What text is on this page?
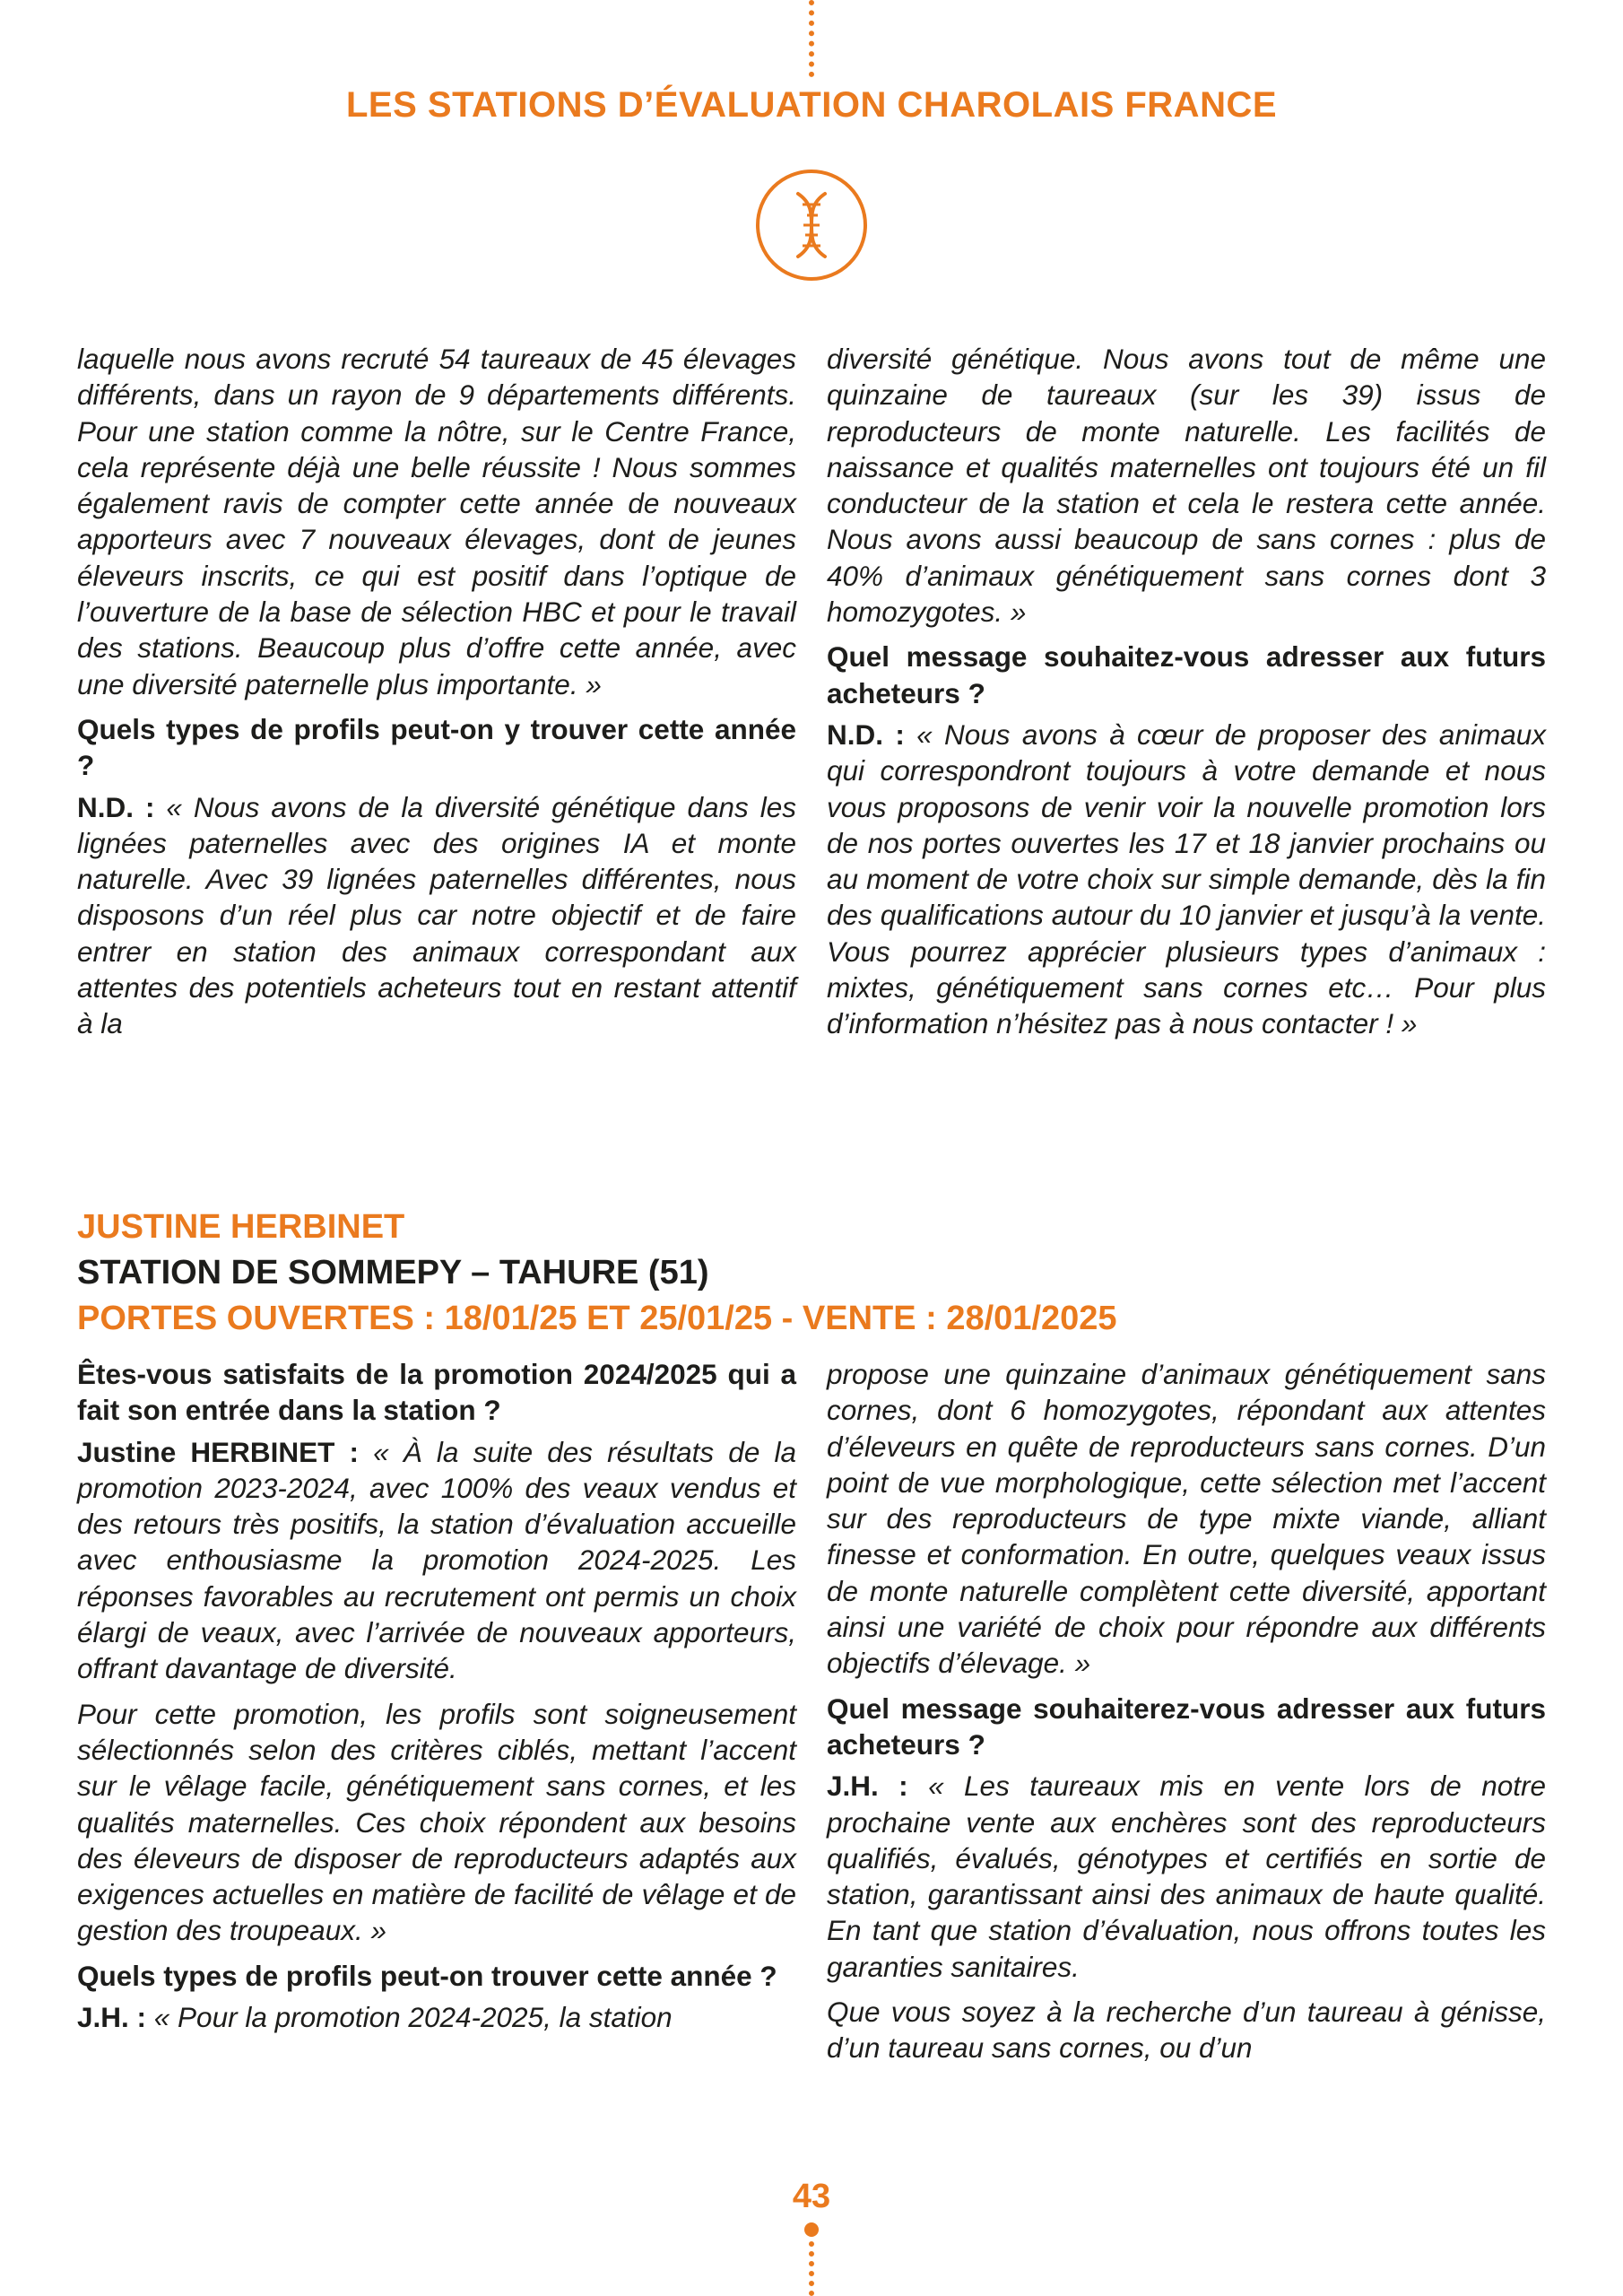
LES STATIONS D’ÉVALUATION CHAROLAIS FRANCE

laquelle nous avons recruté 54 taureaux de 45 élevages différents, dans un rayon de 9 départements différents. Pour une station comme la nôtre, sur le Centre France, cela représente déjà une belle réussite ! Nous sommes également ravis de compter cette année de nouveaux apporteurs avec 7 nouveaux élevages, dont de jeunes éleveurs inscrits, ce qui est positif dans l’optique de l’ouverture de la base de sélection HBC et pour le travail des stations. Beaucoup plus d’offre cette année, avec une diversité paternelle plus importante. »

Quels types de profils peut-on y trouver cette année ?

N.D. : « Nous avons de la diversité génétique dans les lignées paternelles avec des origines IA et monte naturelle. Avec 39 lignées paternelles différentes, nous disposons d’un réel plus car notre objectif et de faire entrer en station des animaux correspondant aux attentes des potentiels acheteurs tout en restant attentif à la

diversité génétique. Nous avons tout de même une quinzaine de taureaux (sur les 39) issus de reproducteurs de monte naturelle. Les facilités de naissance et qualités maternelles ont toujours été un fil conducteur de la station et cela le restera cette année. Nous avons aussi beaucoup de sans cornes : plus de 40% d’animaux génétiquement sans cornes dont 3 homozygotes. »

Quel message souhaitez-vous adresser aux futurs acheteurs ?

N.D. : « Nous avons à cœur de proposer des animaux qui correspondront toujours à votre demande et nous vous proposons de venir voir la nouvelle promotion lors de nos portes ouvertes les 17 et 18 janvier prochains ou au moment de votre choix sur simple demande, dès la fin des qualifications autour du 10 janvier et jusqu’à la vente. Vous pourrez apprécier plusieurs types d’animaux : mixtes, génétiquement sans cornes etc… Pour plus d’information n’hésitez pas à nous contacter ! »

JUSTINE HERBINET
STATION DE SOMMEPY – TAHURE (51)
PORTES OUVERTES : 18/01/25 ET 25/01/25 - VENTE : 28/01/2025

Êtes-vous satisfaits de la promotion 2024/2025 qui a fait son entrée dans la station ?

Justine HERBINET : « À la suite des résultats de la promotion 2023-2024, avec 100% des veaux vendus et des retours très positifs, la station d’évaluation accueille avec enthousiasme la promotion 2024-2025. Les réponses favorables au recrutement ont permis un choix élargi de veaux, avec l’arrivée de nouveaux apporteurs, offrant davantage de diversité.

Pour cette promotion, les profils sont soigneusement sélectionnés selon des critères ciblés, mettant l’accent sur le vêlage facile, génétiquement sans cornes, et les qualités maternelles. Ces choix répondent aux besoins des éleveurs de disposer de reproducteurs adaptés aux exigences actuelles en matière de facilité de vêlage et de gestion des troupeaux. »

Quels types de profils peut-on trouver cette année ?

J.H. : « Pour la promotion 2024-2025, la station

propose une quinzaine d’animaux génétiquement sans cornes, dont 6 homozygotes, répondant aux attentes d’éleveurs en quête de reproducteurs sans cornes. D’un point de vue morphologique, cette sélection met l’accent sur des reproducteurs de type mixte viande, alliant finesse et conformation. En outre, quelques veaux issus de monte naturelle complètent cette diversité, apportant ainsi une variété de choix pour répondre aux différents objectifs d’élevage. »

Quel message souhaiterez-vous adresser aux futurs acheteurs ?

J.H. : « Les taureaux mis en vente lors de notre prochaine vente aux enchères sont des reproducteurs qualifiés, évalués, génotypes et certifiés en sortie de station, garantissant ainsi des animaux de haute qualité. En tant que station d’évaluation, nous offrons toutes les garanties sanitaires.

Que vous soyez à la recherche d’un taureau à génisse, d’un taureau sans cornes, ou d’un

43
